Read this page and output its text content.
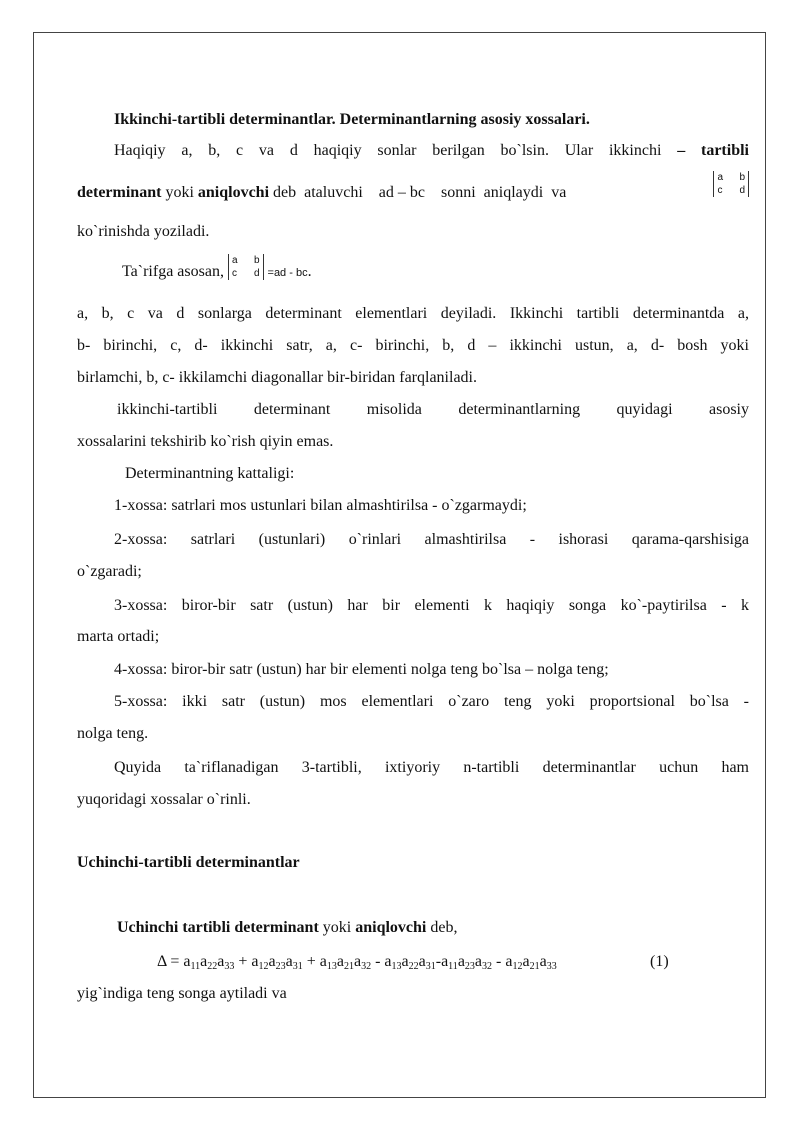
Ikkinchi-tartibli determinantlar. Determinantlarning asosiy xossalari.
Haqiqiy a, b, c va d haqiqiy sonlar berilgan bo`lsin. Ular ikkinchi – tartibli
determinant yoki aniqlovchi deb  ataluvchi    ad – bc    sonni  aniqlaydi  va
a b
c d
ko`rinishda yoziladi.
Ta`rifga asosan, a b
c d =ad - bc.
a, b, c va d sonlarga determinant elementlari deyiladi. Ikkinchi tartibli determinantda a,
b- birinchi, c, d- ikkinchi satr, a, c- birinchi, b, d – ikkinchi ustun, a, d- bosh yoki
birlamchi, b, c- ikkilamchi diagonallar bir-biridan farqlaniladi.
ikkinchi-tartibli determinant misolida determinantlarning quyidagi asosiy
xossalarini tekshirib ko`rish qiyin emas.
Determinantning kattaligi:
1-xossa: satrlari mos ustunlari bilan almashtirilsa - o`zgarmaydi;
2-xossa: satrlari (ustunlari) o`rinlari almashtirilsa - ishorasi qarama-qarshisiga
o`zgaradi;
3-xossa: biror-bir satr (ustun) har bir elementi k haqiqiy songa ko`-paytirilsa - k
marta ortadi;
4-xossa: biror-bir satr (ustun) har bir elementi nolga teng bo`lsa – nolga teng;
5-xossa: ikki satr (ustun) mos elementlari o`zaro teng yoki proportsional bo`lsa -
nolga teng.
Quyida ta`riflanadigan 3-tartibli, ixtiyoriy n-tartibli determinantlar uchun ham
yuqoridagi xossalar o`rinli.
Uchinchi-tartibli determinantlar
Uchinchi tartibli determinant yoki aniqlovchi deb,
$\Delta = a_{11}a_{22}a_{33} + a_{12}a_{23}a_{31} + a_{13}a_{21}a_{32} - a_{13}a_{22}a_{31}-a_{11}a_{23}a_{32} - a_{12}a_{21}a_{33}$	(1)
yig`indiga teng songa aytiladi va
